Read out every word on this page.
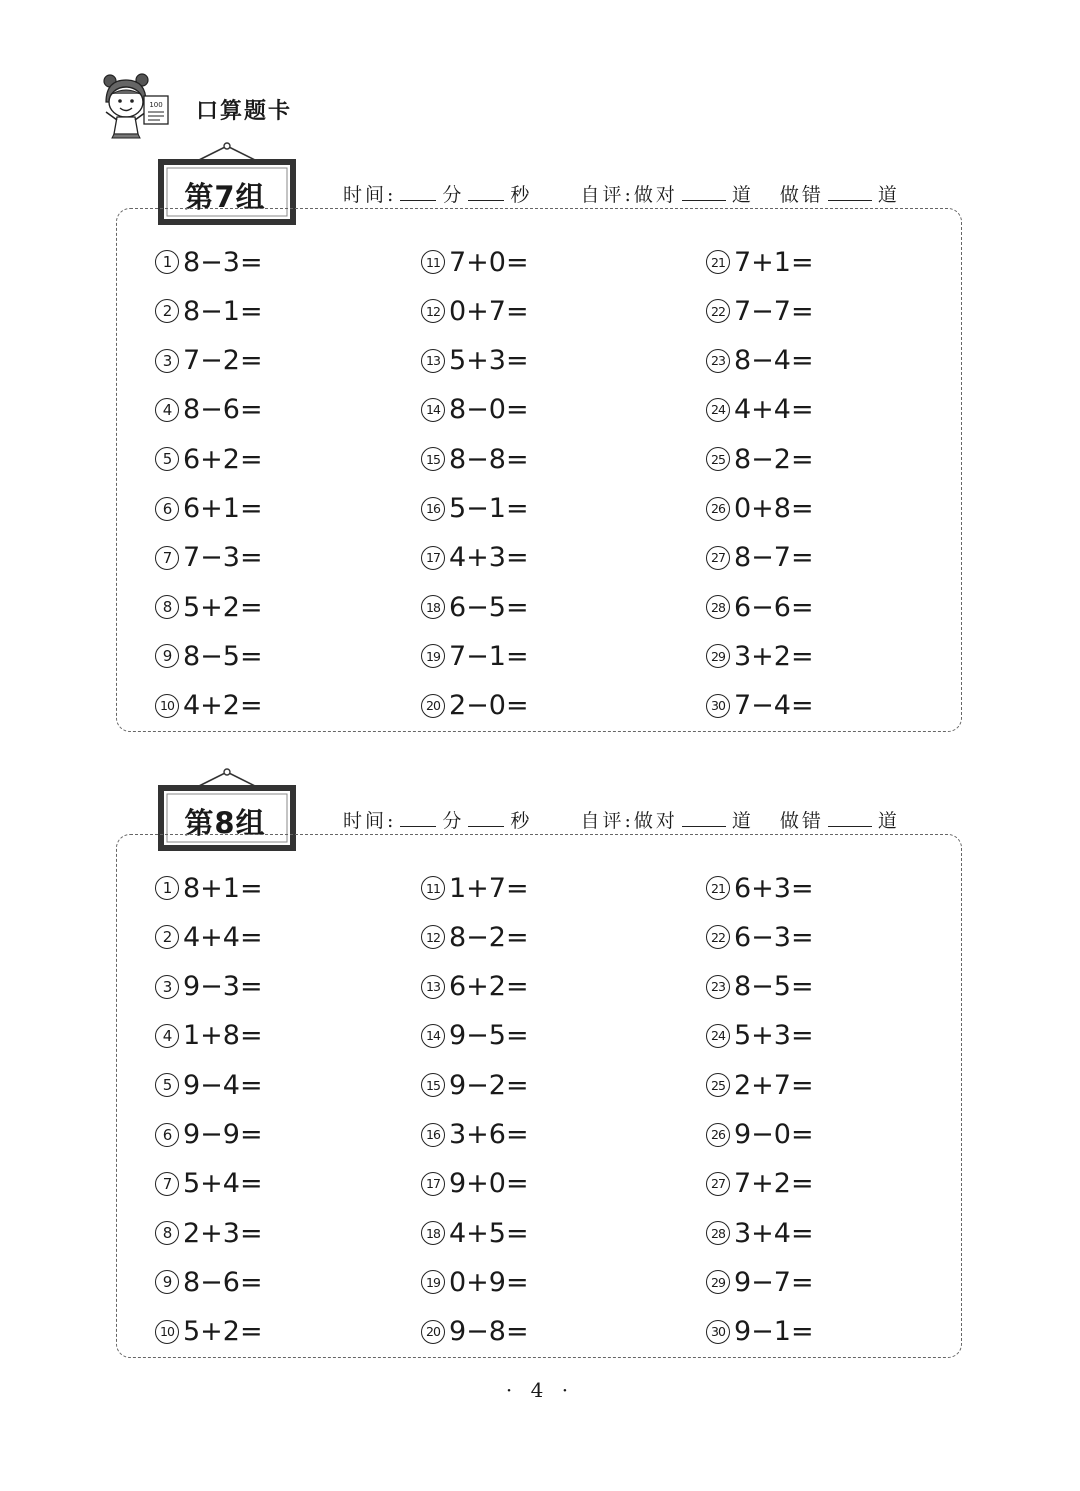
100 口算题卡
第7组	时间: 分 秒	自评:做对	道 做错	道
1 8−3=
2 8−1=
3 7−2=
4 8−6=
5 6+2=
6 6+1=
7 7−3=
8 5+2=
9 8−5=
10 4+2=
11 7+0=
12 0+7=
13 5+3=
14 8−0=
15 8−8=
16 5−1=
17 4+3=
18 6−5=
19 7−1=
20 2−0=
21 7+1=
22 7−7=
23 8−4=
24 4+4=
25 8−2=
26 0+8=
27 8−7=
28 6−6=
29 3+2=
30 7−4=
第8组	时间: 分 秒	自评:做对	道 做错	道
1 8+1=
2 4+4=
3 9−3=
4 1+8=
5 9−4=
6 9−9=
7 5+4=
8 2+3=
9 8−6=
10 5+2=
11 1+7=
12 8−2=
13 6+2=
14 9−5=
15 9−2=
16 3+6=
17 9+0=
18 4+5=
19 0+9=
20 9−8=
21 6+3=
22 6−3=
23 8−5=
24 5+3=
25 2+7=
26 9−0=
27 7+2=
28 3+4=
29 9−7=
30 9−1=
· 4 ·
